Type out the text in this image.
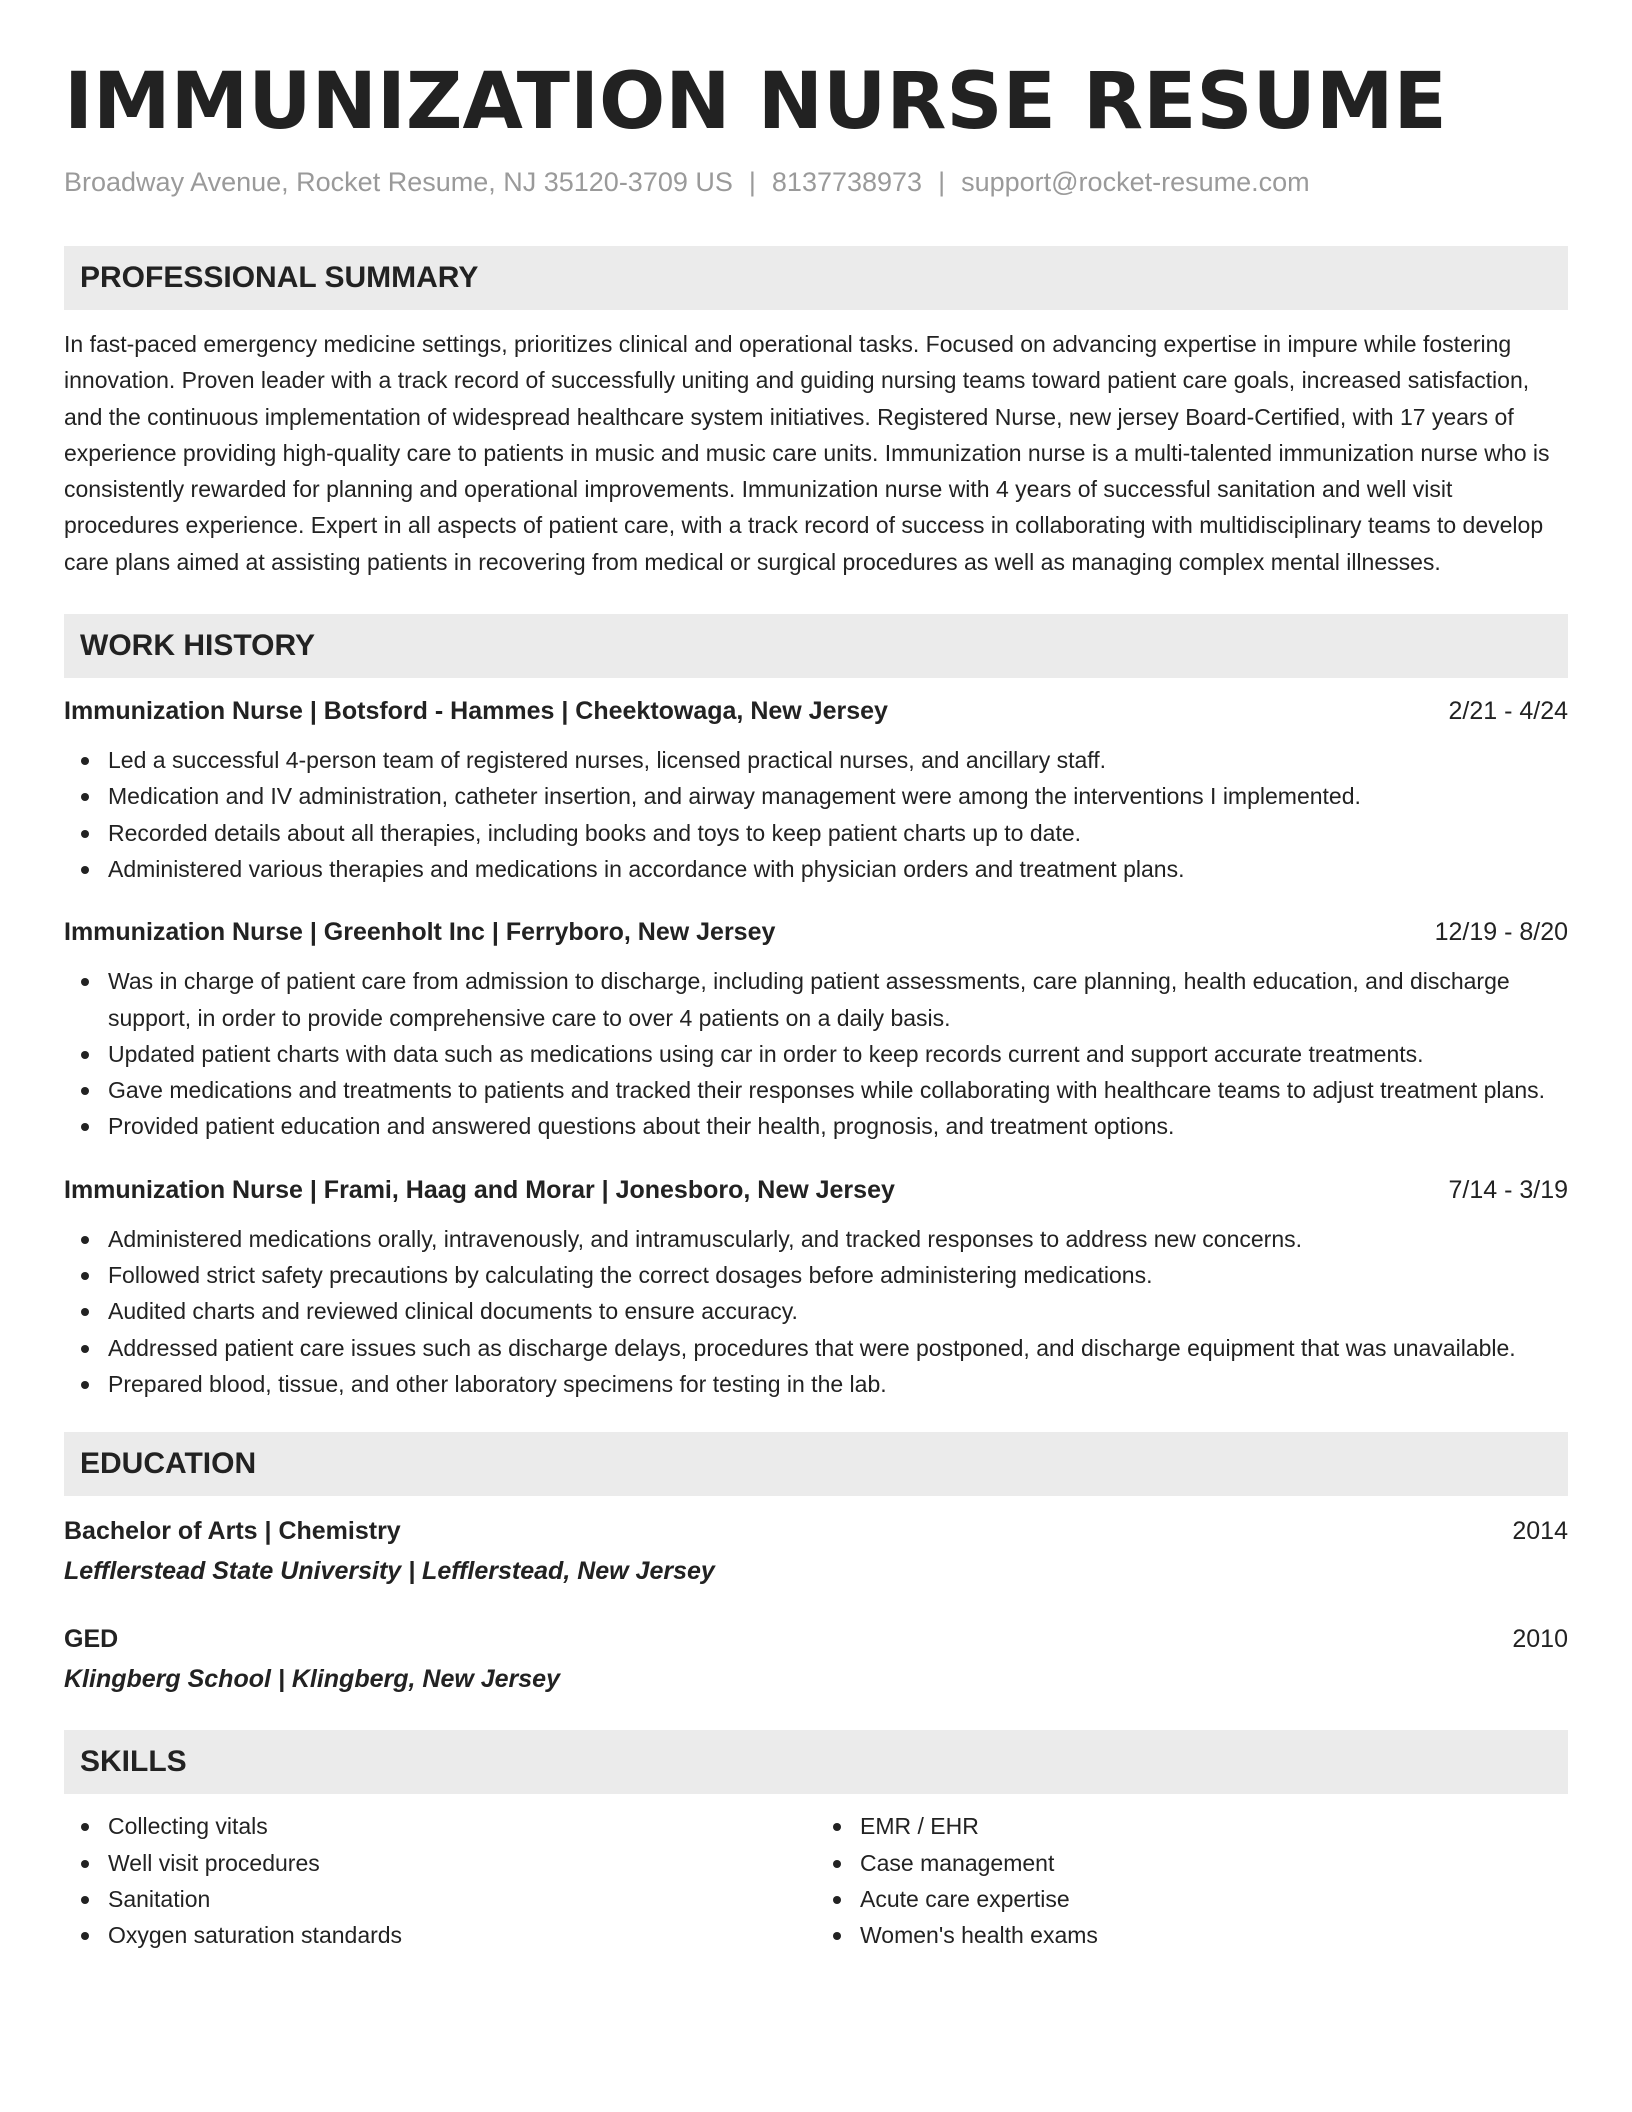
IMMUNIZATION NURSE RESUME
Broadway Avenue, Rocket Resume, NJ 35120-3709 US | 8137738973 | support@rocket-resume.com
PROFESSIONAL SUMMARY
In fast-paced emergency medicine settings, prioritizes clinical and operational tasks. Focused on advancing expertise in impure while fostering innovation. Proven leader with a track record of successfully uniting and guiding nursing teams toward patient care goals, increased satisfaction, and the continuous implementation of widespread healthcare system initiatives. Registered Nurse, new jersey Board-Certified, with 17 years of experience providing high-quality care to patients in music and music care units. Immunization nurse is a multi-talented immunization nurse who is consistently rewarded for planning and operational improvements. Immunization nurse with 4 years of successful sanitation and well visit procedures experience. Expert in all aspects of patient care, with a track record of success in collaborating with multidisciplinary teams to develop care plans aimed at assisting patients in recovering from medical or surgical procedures as well as managing complex mental illnesses.
WORK HISTORY
Immunization Nurse | Botsford - Hammes | Cheektowaga, New Jersey	2/21 - 4/24
Led a successful 4-person team of registered nurses, licensed practical nurses, and ancillary staff.
Medication and IV administration, catheter insertion, and airway management were among the interventions I implemented.
Recorded details about all therapies, including books and toys to keep patient charts up to date.
Administered various therapies and medications in accordance with physician orders and treatment plans.
Immunization Nurse | Greenholt Inc | Ferryboro, New Jersey	12/19 - 8/20
Was in charge of patient care from admission to discharge, including patient assessments, care planning, health education, and discharge support, in order to provide comprehensive care to over 4 patients on a daily basis.
Updated patient charts with data such as medications using car in order to keep records current and support accurate treatments.
Gave medications and treatments to patients and tracked their responses while collaborating with healthcare teams to adjust treatment plans.
Provided patient education and answered questions about their health, prognosis, and treatment options.
Immunization Nurse | Frami, Haag and Morar | Jonesboro, New Jersey	7/14 - 3/19
Administered medications orally, intravenously, and intramuscularly, and tracked responses to address new concerns.
Followed strict safety precautions by calculating the correct dosages before administering medications.
Audited charts and reviewed clinical documents to ensure accuracy.
Addressed patient care issues such as discharge delays, procedures that were postponed, and discharge equipment that was unavailable.
Prepared blood, tissue, and other laboratory specimens for testing in the lab.
EDUCATION
Bachelor of Arts | Chemistry	2014
Lefflerstead State University | Lefflerstead, New Jersey
GED	2010
Klingberg School | Klingberg, New Jersey
SKILLS
Collecting vitals
Well visit procedures
Sanitation
Oxygen saturation standards
EMR / EHR
Case management
Acute care expertise
Women's health exams
